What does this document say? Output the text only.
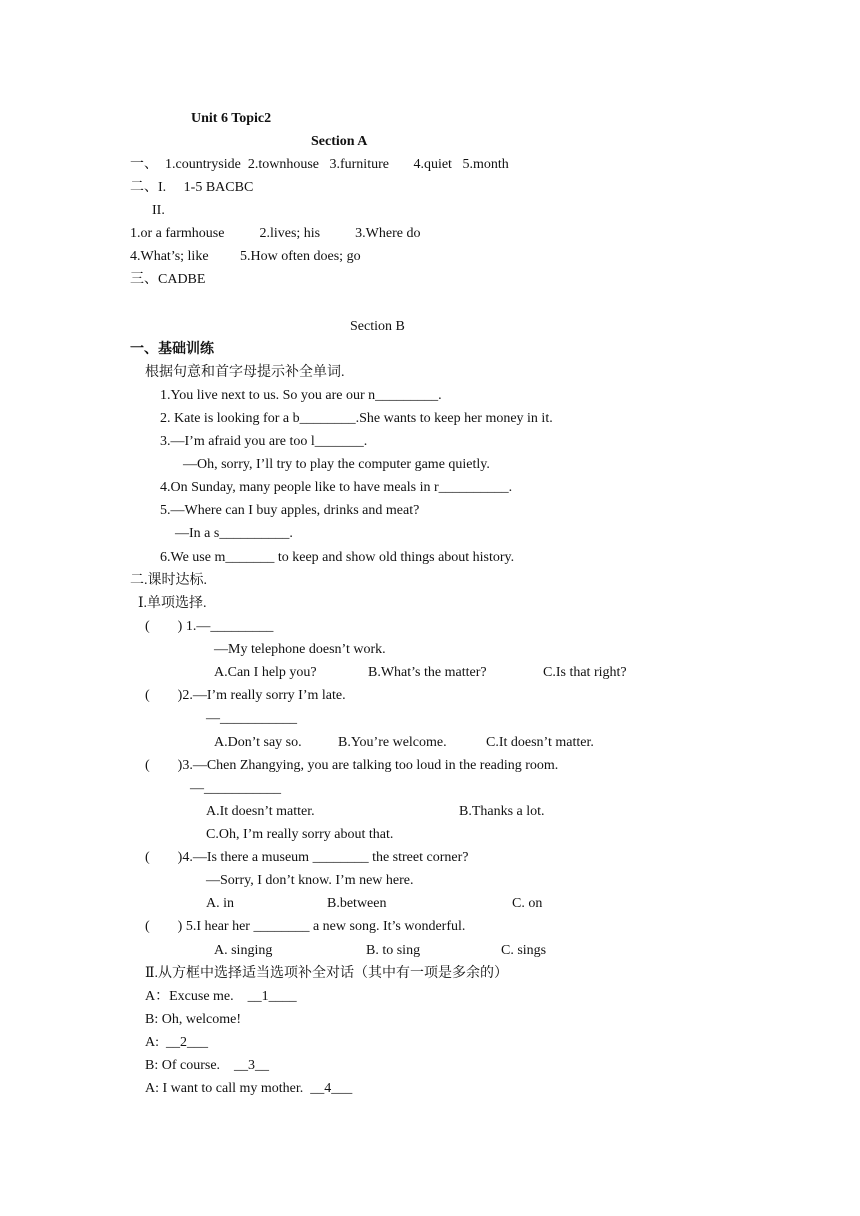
Unit 6 Topic2
Section A
一、  1.countryside  2.townhouse   3.furniture       4.quiet   5.month
二、I.     1-5 BACBC
II.
1.or a farmhouse          2.lives; his          3.Where do
4.What’s; like         5.How often does; go
三、CADBE
Section B
一、基础训练
根据句意和首字母提示补全单词.
1.You live next to us. So you are our n_________.
2. Kate is looking for a b________.She wants to keep her money in it.
3.—I’m afraid you are too l_______.
—Oh, sorry, I’ll try to play the computer game quietly.
4.On Sunday, many people like to have meals in r__________.
5.—Where can I buy apples, drinks and meat?
—In a s__________.
6.We use m_______ to keep and show old things about history.
二.课时达标.
Ⅰ.单项选择.
(        ) 1.—_________
—My telephone doesn’t work.
A.Can I help you?	B.What’s the matter?	C.Is that right?
(        )2.—I’m really sorry I’m late.
—___________
A.Don’t say so.	B.You’re welcome.	C.It doesn’t matter.
(        )3.—Chen Zhangying, you are talking too loud in the reading room.
—___________
A.It doesn’t matter.	B.Thanks a lot.
C.Oh, I’m really sorry about that.
(        )4.—Is there a museum ________ the street corner?
—Sorry, I don’t know. I’m new here.
A. in	B.between	C. on
(        ) 5.I hear her ________ a new song. It’s wonderful.
A. singing	B. to sing	C. sings
Ⅱ.从方框中选择适当选项补全对话（其中有一项是多余的）
A：Excuse me.    __1____
B: Oh, welcome!
A:  __2___
B: Of course.    __3__
A: I want to call my mother.  __4___
